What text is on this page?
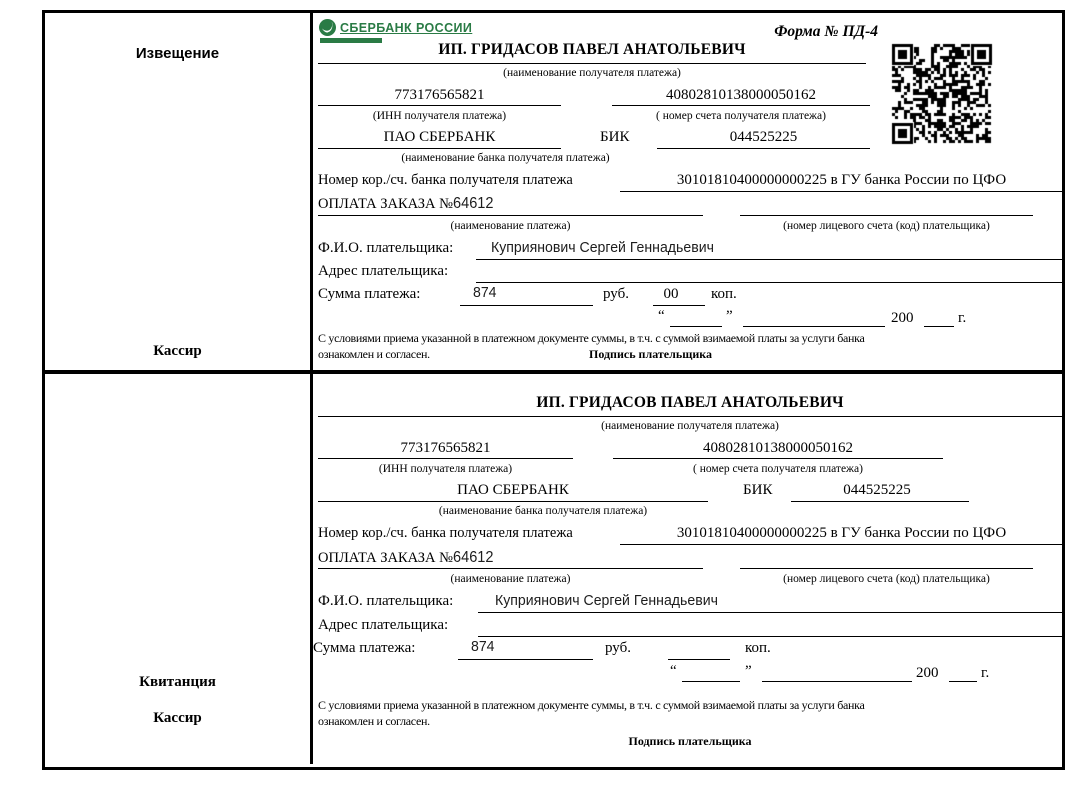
Извещение
Кассир
СБЕРБАНК РОССИИ	Форма № ПД-4
ИП. ГРИДАСОВ ПАВЕЛ АНАТОЛЬЕВИЧ
(наименование получателя платежа)
773176565821	40802810138000050162
(ИНН получателя платежа)	( номер счета получателя платежа)
ПАО СБЕРБАНК	БИК	044525225
(наименование банка получателя платежа)
Номер кор./сч. банка получателя платежа	30101810400000000225 в ГУ банка России по ЦФО
ОПЛАТА ЗАКАЗА №64612
(наименование платежа)	(номер лицевого счета (код) плательщика)
Ф.И.О. плательщика:	Куприянович Сергей Геннадьевич
Адрес плательщика:
Сумма платежа:	874	руб.	00	коп.
“	”	200	г.
С условиями приема указанной в платежном документе суммы, в т.ч. с суммой взимаемой платы за услуги банка
ознакомлен и согласен.	Подпись плательщика
Квитанция
Кассир
ИП. ГРИДАСОВ ПАВЕЛ АНАТОЛЬЕВИЧ
(наименование получателя платежа)
773176565821	40802810138000050162
(ИНН получателя платежа)	( номер счета получателя платежа)
ПАО СБЕРБАНК	БИК	044525225
(наименование банка получателя платежа)
Номер кор./сч. банка получателя платежа	30101810400000000225 в ГУ банка России по ЦФО
ОПЛАТА ЗАКАЗА №64612
(наименование платежа)	(номер лицевого счета (код) плательщика)
Ф.И.О. плательщика:	Куприянович Сергей Геннадьевич
Адрес плательщика:
Сумма платежа:	874	руб.	коп.
“	”	200	г.
С условиями приема указанной в платежном документе суммы, в т.ч. с суммой взимаемой платы за услуги банка
ознакомлен и согласен.
Подпись плательщика
